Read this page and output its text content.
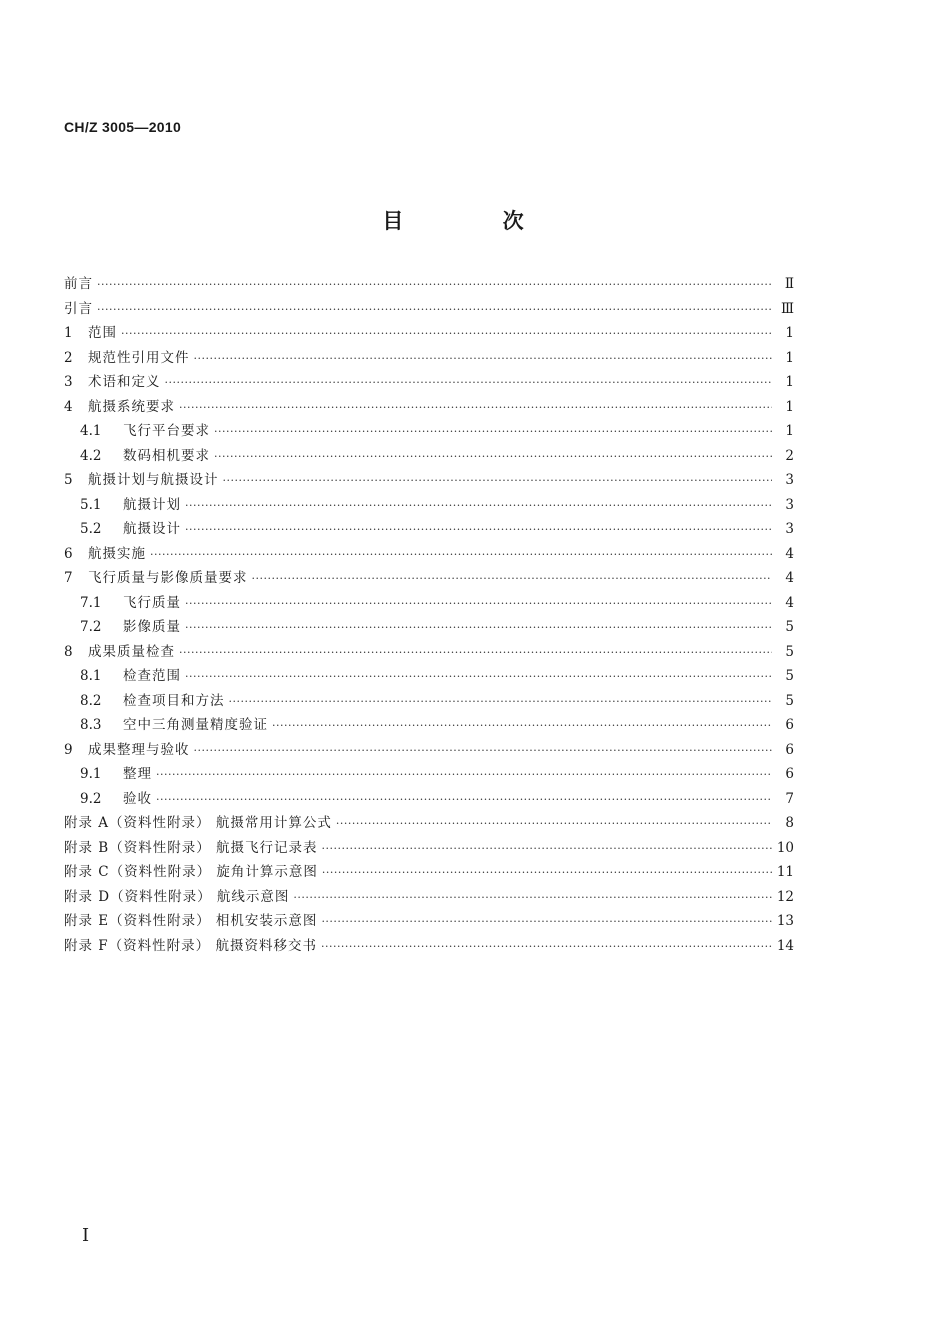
CH/Z 3005—2010
目 次
前言 ·····	Ⅱ
引言 ·····	Ⅲ
1	范围 ·····	1
2	规范性引用文件 ·····	1
3	术语和定义 ·····	1
4	航摄系统要求 ·····	1
4.1	飞行平台要求 ·····	1
4.2	数码相机要求 ·····	2
5	航摄计划与航摄设计 ·····	3
5.1	航摄计划 ·····	3
5.2	航摄设计 ·····	3
6	航摄实施 ·····	4
7	飞行质量与影像质量要求 ·····	4
7.1	飞行质量 ·····	4
7.2	影像质量 ·····	5
8	成果质量检查 ·····	5
8.1	检查范围 ·····	5
8.2	检查项目和方法 ·····	5
8.3	空中三角测量精度验证 ·····	6
9	成果整理与验收 ·····	6
9.1	整理 ·····	6
9.2	验收 ·····	7
附录 A（资料性附录） 航摄常用计算公式 ·····	8
附录 B（资料性附录） 航摄飞行记录表 ·····	10
附录 C（资料性附录） 旋角计算示意图 ·····	11
附录 D（资料性附录） 航线示意图 ·····	12
附录 E（资料性附录） 相机安装示意图 ·····	13
附录 F（资料性附录） 航摄资料移交书 ·····	14
I
